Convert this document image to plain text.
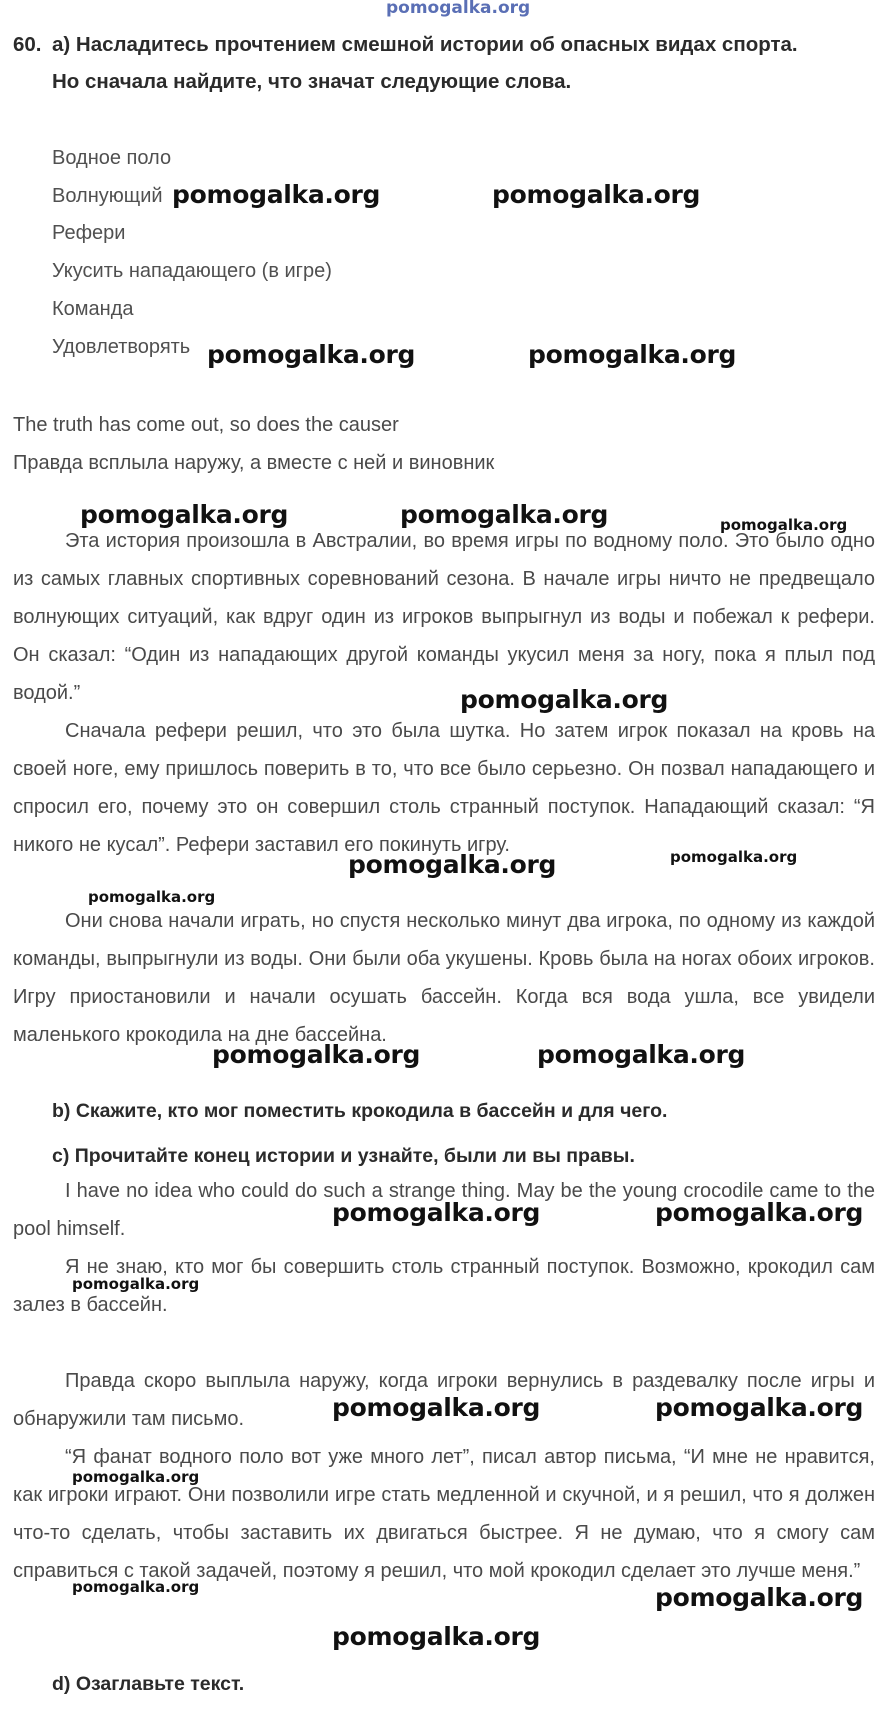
pomogalka.org
60. a) Насладитесь прочтением смешной истории об опасных видах спорта.
Но сначала найдите, что значат следующие слова.
Водное поло
Волнующий
Рефери
Укусить нападающего (в игре)
Команда
Удовлетворять
The truth has come out, so does the causer
Правда всплыла наружу, а вместе с ней и виновник
Эта история произошла в Австралии, во время игры по водному поло. Это было одно из самых главных спортивных соревнований сезона. В начале игры ничто не предвещало волнующих ситуаций, как вдруг один из игроков выпрыгнул из воды и побежал к рефери. Он сказал: “Один из нападающих другой команды укусил меня за ногу, пока я плыл под водой.”
Сначала рефери решил, что это была шутка. Но затем игрок показал на кровь на своей ноге, ему пришлось поверить в то, что все было серьезно. Он позвал нападающего и спросил его, почему это он совершил столь странный поступок. Нападающий сказал: “Я никого не кусал”. Рефери заставил его покинуть игру.
Они снова начали играть, но спустя несколько минут два игрока, по одному из каждой команды, выпрыгнули из воды. Они были оба укушены. Кровь была на ногах обоих игроков. Игру приостановили и начали осушать бассейн. Когда вся вода ушла, все увидели маленького крокодила на дне бассейна.
b) Скажите, кто мог поместить крокодила в бассейн и для чего.
c) Прочитайте конец истории и узнайте, были ли вы правы.
I have no idea who could do such a strange thing. May be the young crocodile came to the pool himself.
Я не знаю, кто мог бы совершить столь странный поступок. Возможно, крокодил сам залез в бассейн.
Правда скоро выплыла наружу, когда игроки вернулись в раздевалку после игры и обнаружили там письмо.
“Я фанат водного поло вот уже много лет”, писал автор письма, “И мне не нравится, как игроки играют. Они позволили игре стать медленной и скучной, и я решил, что я должен что-то сделать, чтобы заставить их двигаться быстрее. Я не думаю, что я смогу сам справиться с такой задачей, поэтому я решил, что мой крокодил сделает это лучше меня.”
d) Озаглавьте текст.
pomogalka.org	pomogalka.org
pomogalka.org	pomogalka.org
pomogalka.org	pomogalka.org	pomogalka.org
pomogalka.org
pomogalka.org	pomogalka.org
pomogalka.org
pomogalka.org	pomogalka.org
pomogalka.org	pomogalka.org
pomogalka.org
pomogalka.org	pomogalka.org
pomogalka.org
pomogalka.org	pomogalka.org
pomogalka.org
